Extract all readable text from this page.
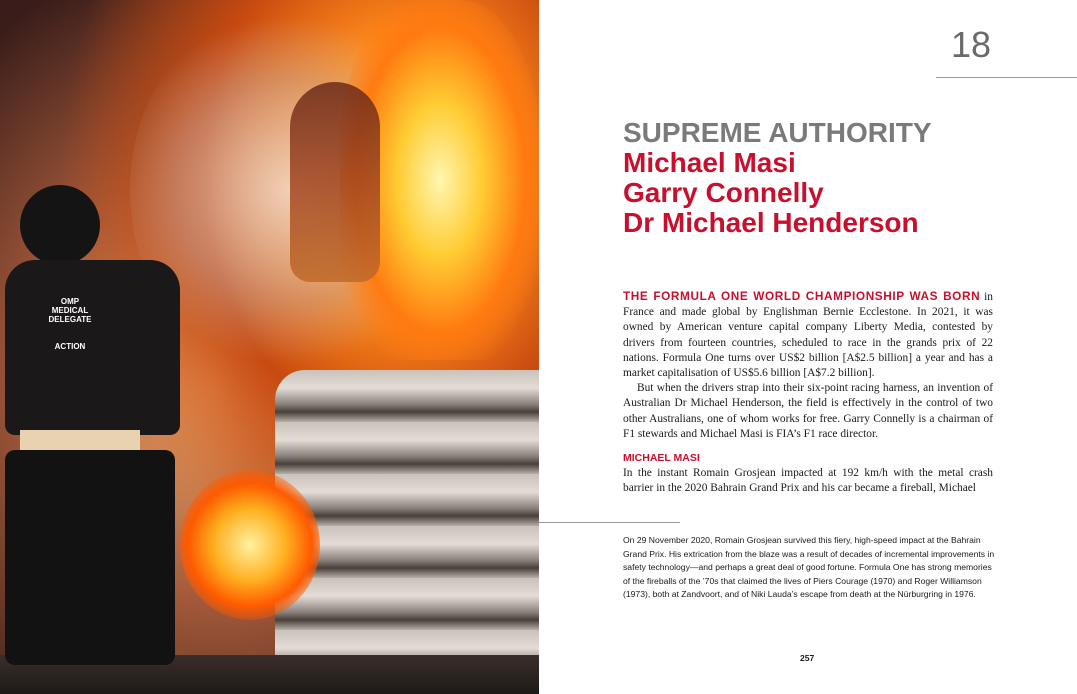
OMP
MEDICAL
DELEGATE
ACTION
18
SUPREME AUTHORITY
Michael Masi
Garry Connelly
Dr Michael Henderson

THE FORMULA ONE WORLD CHAMPIONSHIP WAS BORN in France and made global by Englishman Bernie Ecclestone. In 2021, it was owned by American venture capital company Liberty Media, contested by drivers from fourteen countries, scheduled to race in the grands prix of 22 nations. Formula One turns over US$2 billion [A$2.5 billion] a year and has a market capitalisation of US$5.6 billion [A$7.2 billion].

But when the drivers strap into their six-point racing harness, an invention of Australian Dr Michael Henderson, the field is effectively in the control of two other Australians, one of whom works for free. Garry Connelly is a chairman of F1 stewards and Michael Masi is FIA’s F1 race director.

MICHAEL MASI

In the instant Romain Grosjean impacted at 192 km/h with the metal crash barrier in the 2020 Bahrain Grand Prix and his car became a fireball, Michael

On 29 November 2020, Romain Grosjean survived this fiery, high-speed impact at the Bahrain Grand Prix. His extrication from the blaze was a result of decades of incremental improvements in safety technology—and perhaps a great deal of good fortune. Formula One has strong memories of the fireballs of the ’70s that claimed the lives of Piers Courage (1970) and Roger Williamson (1973), both at Zandvoort, and of Niki Lauda’s escape from death at the Nürburgring in 1976.
257
